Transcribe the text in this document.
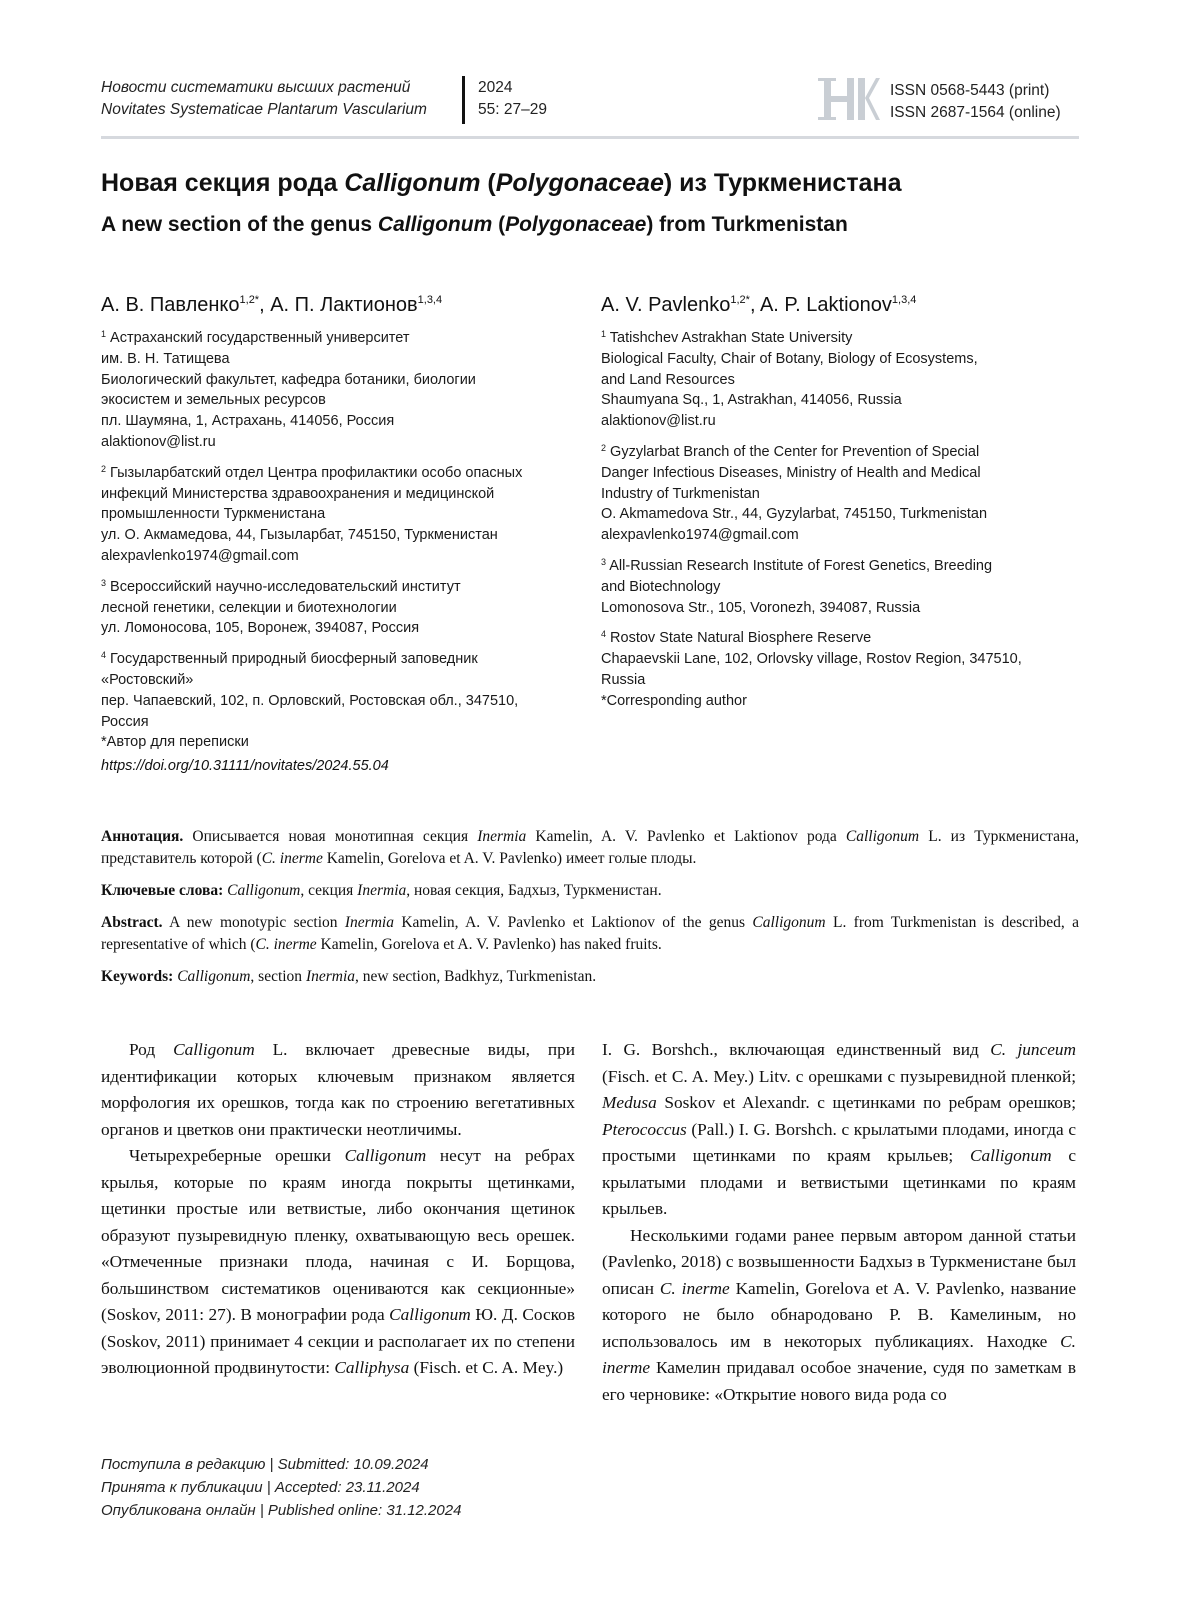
Новости систематики высших растений
Novitates Systematicae Plantarum Vascularium
2024
55: 27–29
ISSN 0568-5443 (print)
ISSN 2687-1564 (online)
Новая секция рода Calligonum (Polygonaceae) из Туркменистана
A new section of the genus Calligonum (Polygonaceae) from Turkmenistan
А. В. Павленко$^{1,2*}$, А. П. Лактионов$^{1,3,4}$	A. V. Pavlenko$^{1,2*}$, A. P. Laktionov$^{1,3,4}$

$^1$ Астраханский государственный университет

им. В. Н. Татищева

Биологический факультет, кафедра ботаники, биологии

экосистем и земельных ресурсов

пл. Шаумяна, 1, Астрахань, 414056, Россия

alaktionov@list.ru

$^2$ Гызыларбатский отдел Центра профилактики особо опасных

инфекций Министерства здравоохранения и медицинской

промышленности Туркменистана

ул. О. Акмамедова, 44, Гызыларбат, 745150, Туркменистан

alexpavlenko1974@gmail.com

$^3$ Всероссийский научно-исследовательский институт

лесной генетики, селекции и биотехнологии

ул. Ломоносова, 105, Воронеж, 394087, Россия

$^4$ Государственный природный биосферный заповедник

«Ростовский»

пер. Чапаевский, 102, п. Орловский, Ростовская обл., 347510,

Россия

*Автор для переписки

$^1$ Tatishchev Astrakhan State University

Biological Faculty, Chair of Botany, Biology of Ecosystems,

and Land Resources

Shaumyana Sq., 1, Astrakhan, 414056, Russia

alaktionov@list.ru

$^2$ Gyzylarbat Branch of the Center for Prevention of Special

Danger Infectious Diseases, Ministry of Health and Medical

Industry of Turkmenistan

O. Akmamedova Str., 44, Gyzylarbat, 745150, Turkmenistan

alexpavlenko1974@gmail.com

$^3$ All-Russian Research Institute of Forest Genetics, Breeding

and Biotechnology

Lomonosova Str., 105, Voronezh, 394087, Russia

$^4$ Rostov State Natural Biosphere Reserve

Chapaevskii Lane, 102, Orlovsky village, Rostov Region, 347510,

Russia

*Corresponding author

https://doi.org/10.31111/novitates/2024.55.04
Аннотация. Описывается новая монотипная секция Inermia Kamelin, A. V. Pavlenko et Laktionov рода Calligonum L. из Туркменистана, представитель которой (C. inerme Kamelin, Gorelova et A. V. Pavlenko) имеет голые плоды.
Ключевые слова: Calligonum, секция Inermia, новая секция, Бадхыз, Туркменистан.
Abstract. A new monotypic section Inermia Kamelin, A. V. Pavlenko et Laktionov of the genus Calligonum L. from Turkmenistan is described, a representative of which (C. inerme Kamelin, Gorelova et A. V. Pavlenko) has naked fruits.
Keywords: Calligonum, section Inermia, new section, Badkhyz, Turkmenistan.

Род Calligonum L. включает древесные виды, при идентификации которых ключевым признаком является морфология их орешков, тогда как по строению вегетативных органов и цветков они практически неотличимы.

Четырехреберные орешки Calligonum несут на ребрах крылья, которые по краям иногда покрыты щетинками, щетинки простые или ветвистые, либо окончания щетинок образуют пузыревидную пленку, охватывающую весь орешек. «Отмеченные признаки плода, начиная с И. Борщова, большинством систематиков оцениваются как секционные» (Soskov, 2011: 27). В монографии рода Calligonum Ю. Д. Сосков (Soskov, 2011) принимает 4 секции и располагает их по степени эволюционной продвинутости: Calliphysa (Fisch. et C. A. Mey.)

I. G. Borshch., включающая единственный вид C. junceum (Fisch. et C. A. Mey.) Litv. с орешками с пузыревидной пленкой; Medusa Soskov et Alexandr. с щетинками по ребрам орешков; Pterococcus (Pall.) I. G. Borshch. с крылатыми плодами, иногда с простыми щетинками по краям крыльев; Calligonum с крылатыми плодами и ветвистыми щетинками по краям крыльев.

Несколькими годами ранее первым автором данной статьи (Pavlenko, 2018) с возвышенности Бадхыз в Туркменистане был описан C. inerme Kamelin, Gorelova et A. V. Pavlenko, название которого не было обнародовано Р. В. Камелиным, но использовалось им в некоторых публикациях. Находке C. inerme Камелин придавал особое значение, судя по заметкам в его черновике: «Открытие нового вида рода со

Поступила в редакцию | Submitted: 10.09.2024
Принята к публикации | Accepted: 23.11.2024
Опубликована онлайн | Published online: 31.12.2024
